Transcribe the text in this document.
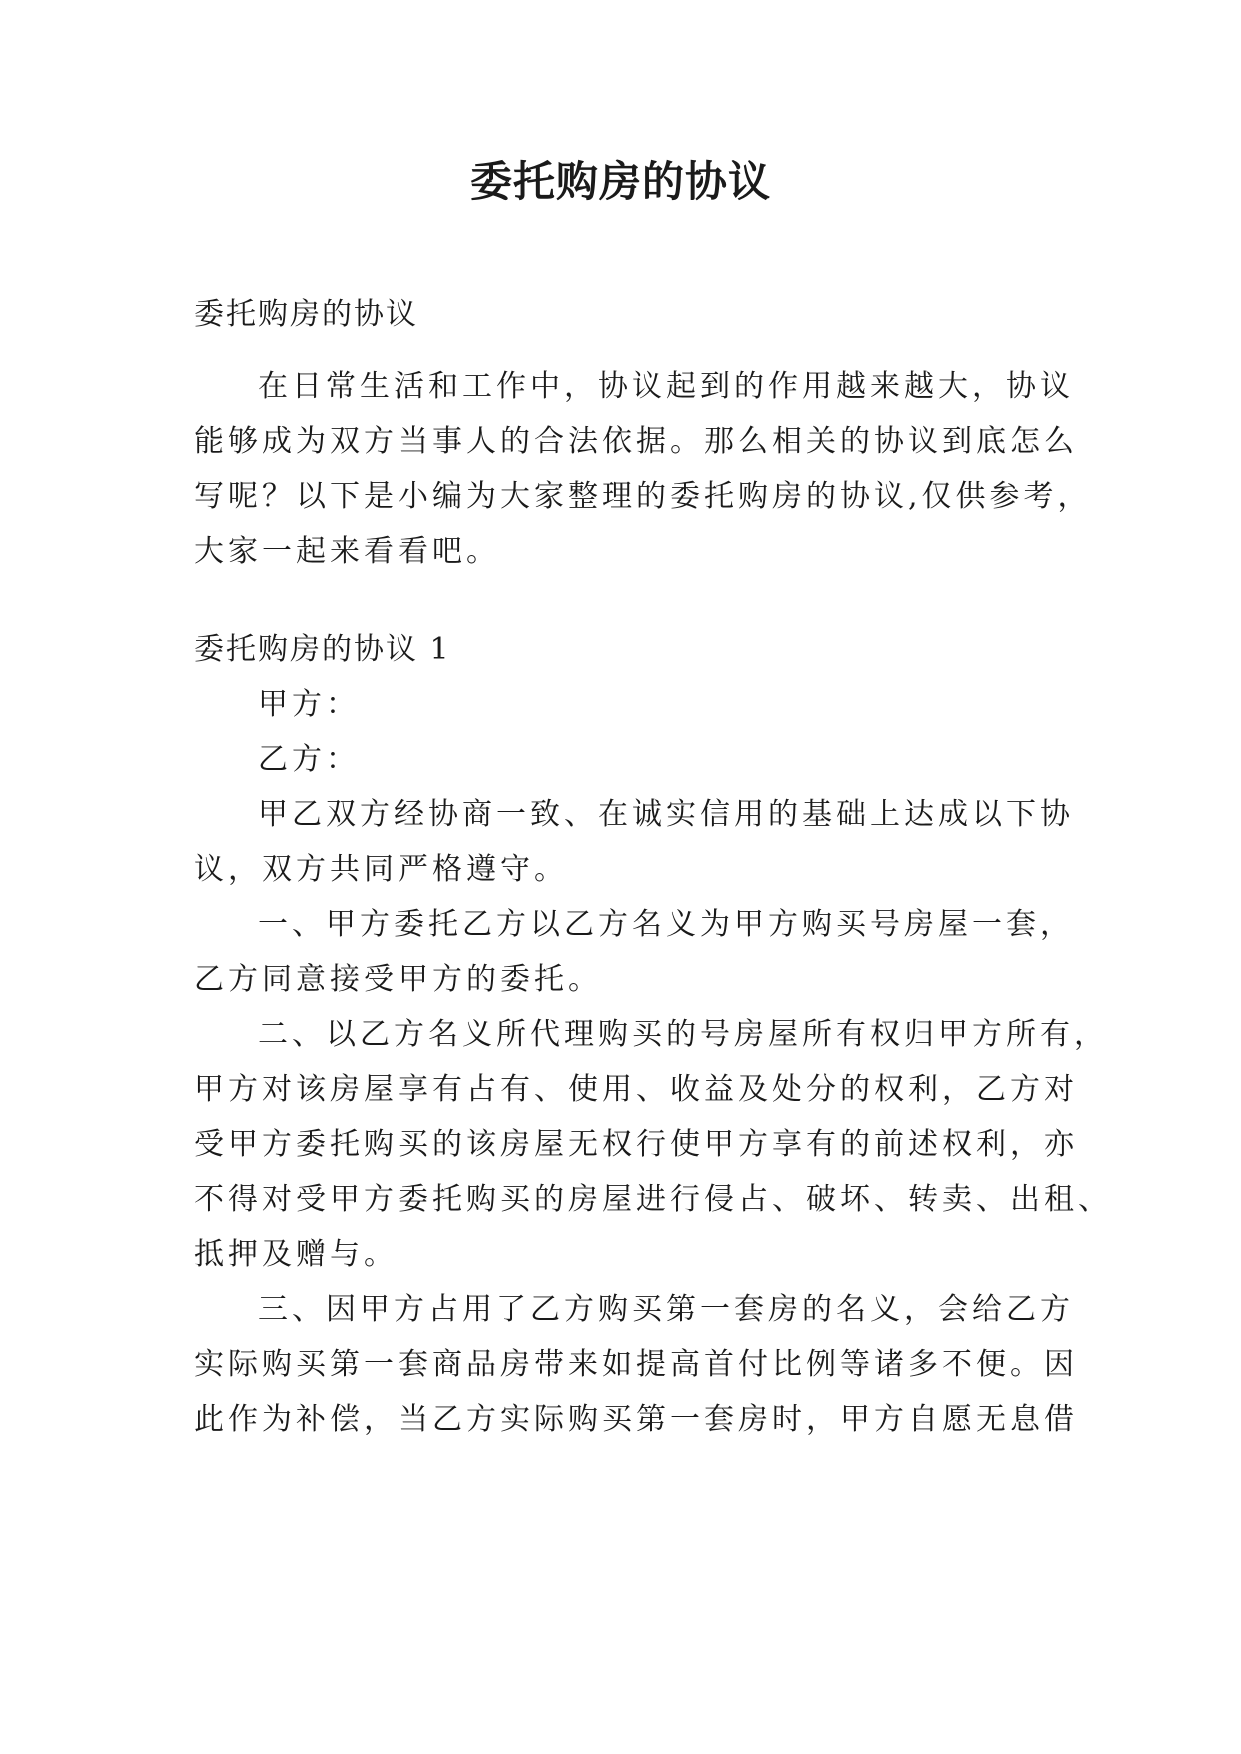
委托购房的协议
委托购房的协议
在日常生活和工作中，协议起到的作用越来越大，协议
能够成为双方当事人的合法依据。那么相关的协议到底怎么
写呢？以下是小编为大家整理的委托购房的协议,仅供参考，
大家一起来看看吧。
委托购房的协议 1
甲方：
乙方：
甲乙双方经协商一致、在诚实信用的基础上达成以下协
议，双方共同严格遵守。
一、甲方委托乙方以乙方名义为甲方购买号房屋一套，
乙方同意接受甲方的委托。
二、以乙方名义所代理购买的号房屋所有权归甲方所有，
甲方对该房屋享有占有、使用、收益及处分的权利，乙方对
受甲方委托购买的该房屋无权行使甲方享有的前述权利，亦
不得对受甲方委托购买的房屋进行侵占、破坏、转卖、出租、
抵押及赠与。
三、因甲方占用了乙方购买第一套房的名义，会给乙方
实际购买第一套商品房带来如提高首付比例等诸多不便。因
此作为补偿，当乙方实际购买第一套房时，甲方自愿无息借
